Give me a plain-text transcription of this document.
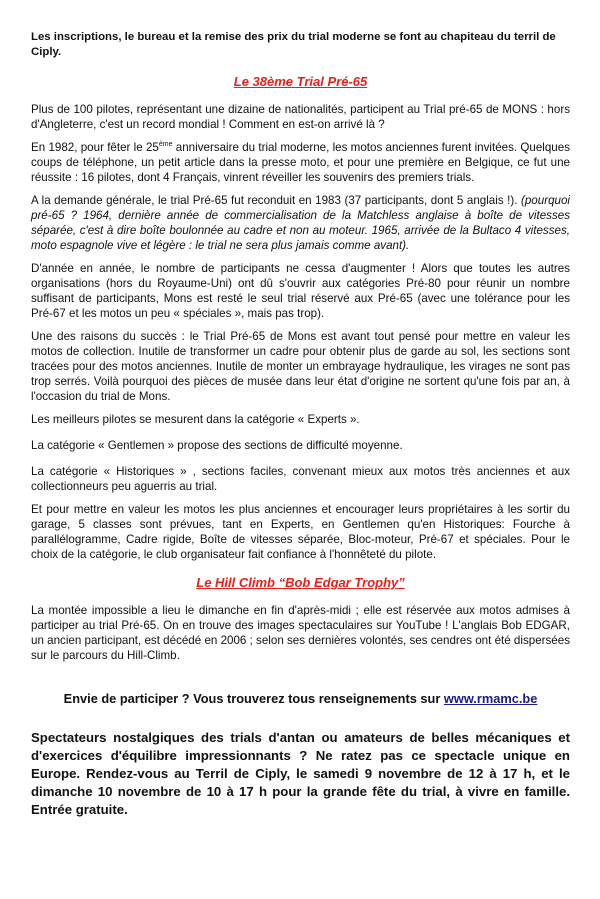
Les inscriptions, le bureau et la remise des prix du trial moderne se font au chapiteau du terril de Ciply.

Le 38ème Trial Pré-65

Plus de 100 pilotes, représentant une dizaine de nationalités, participent au Trial pré-65 de MONS : hors d'Angleterre, c'est un record mondial ! Comment en est-on arrivé là ?

En 1982, pour fêter le 25ème anniversaire du trial moderne, les motos anciennes furent invitées. Quelques coups de téléphone, un petit article dans la presse moto, et pour une première en Belgique, ce fut une réussite : 16 pilotes, dont 4 Français, vinrent réveiller les souvenirs des premiers trials.

A la demande générale, le trial Pré-65 fut reconduit en 1983 (37 participants, dont 5 anglais !). (pourquoi pré-65 ? 1964, dernière année de commercialisation de la Matchless anglaise à boîte de vitesses séparée, c'est à dire boîte boulonnée au cadre et non au moteur. 1965, arrivée de la Bultaco 4 vitesses, moto espagnole vive et légère : le trial ne sera plus jamais comme avant).

D'année en année, le nombre de participants ne cessa d'augmenter ! Alors que toutes les autres organisations (hors du Royaume-Uni) ont dû s'ouvrir aux catégories Pré-80 pour réunir un nombre suffisant de participants, Mons est resté le seul trial réservé aux Pré-65 (avec une tolérance pour les Pré-67 et les motos un peu « spéciales », mais pas trop).

Une des raisons du succès : le Trial Pré-65 de Mons est avant tout pensé pour mettre en valeur les motos de collection. Inutile de transformer un cadre pour obtenir plus de garde au sol, les sections sont tracées pour des motos anciennes. Inutile de monter un embrayage hydraulique, les virages ne sont pas trop serrés. Voilà pourquoi des pièces de musée dans leur état d'origine ne sortent qu'une fois par an, à l'occasion du trial de Mons.

Les meilleurs pilotes se mesurent dans la catégorie « Experts ».

La catégorie « Gentlemen » propose des sections de difficulté moyenne.

La catégorie « Historiques » , sections faciles, convenant mieux aux motos très anciennes et aux collectionneurs peu aguerris au trial.

Et pour mettre en valeur les motos les plus anciennes et encourager leurs propriétaires à les sortir du garage, 5 classes sont prévues, tant en Experts, en Gentlemen qu'en Historiques: Fourche à parallélogramme, Cadre rigide, Boîte de vitesses séparée, Bloc-moteur, Pré-67 et spéciales. Pour le choix de la catégorie, le club organisateur fait confiance à l'honnêteté du pilote.

Le Hill Climb “Bob Edgar Trophy”

La montée impossible a lieu le dimanche en fin d'après-midi ; elle est réservée aux motos admises à participer au trial Pré-65. On en trouve des images spectaculaires sur YouTube ! L'anglais Bob EDGAR, un ancien participant, est décédé en 2006 ; selon ses dernières volontés, ses cendres ont été dispersées sur le parcours du Hill-Climb.

Envie de participer ? Vous trouverez tous renseignements sur www.rmamc.be

Spectateurs nostalgiques des trials d'antan ou amateurs de belles mécaniques et d'exercices d'équilibre impressionnants ? Ne ratez pas ce spectacle unique en Europe. Rendez-vous au Terril de Ciply, le samedi 9 novembre de 12 à 17 h, et le dimanche 10 novembre de 10 à 17 h pour la grande fête du trial, à vivre en famille. Entrée gratuite.
